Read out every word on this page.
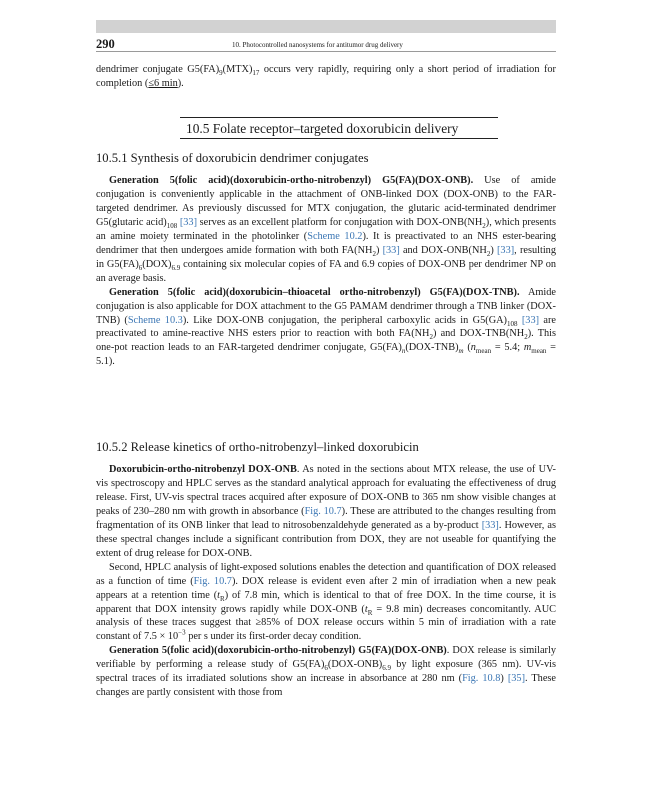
290	10. Photocontrolled nanosystems for antitumor drug delivery

dendrimer conjugate $G5(FA)_9(MTX)_{17}$ occurs very rapidly, requiring only a short period of irradiation for completion (≤6 min).

10.5 Folate receptor–targeted doxorubicin delivery
10.5.1 Synthesis of doxorubicin dendrimer conjugates

Generation 5(folic acid)(doxorubicin-ortho-nitrobenzyl) G5(FA)(DOX-ONB). Use of amide conjugation is conveniently applicable in the attachment of ONB-linked DOX (DOX-ONB) to the FAR-targeted dendrimer. As previously discussed for MTX conjugation, the glutaric acid-terminated dendrimer G5(glutaric $acid)_{108}$ [33] serves as an excellent platform for conjugation with DOX-$ONB(NH_2)$, which presents an amine moiety terminated in the photolinker (Scheme 10.2). It is preactivated to an NHS ester-bearing dendrimer that then undergoes amide formation with both $FA(NH_2)$ [33] and DOX-$ONB(NH_2)$ [33], resulting in $G5(FA)_6(DOX)_{6.9}$ containing six molecular copies of FA and 6.9 copies of DOX-ONB per dendrimer NP on an average basis.

Generation 5(folic acid)(doxorubicin–thioacetal ortho-nitrobenzyl) G5(FA)(DOX-TNB). Amide conjugation is also applicable for DOX attachment to the G5 PAMAM dendrimer through a TNB linker (DOX-TNB) (Scheme 10.3). Like DOX-ONB conjugation, the peripheral carboxylic acids in $G5(GA)_{108}$ [33] are preactivated to amine-reactive NHS esters prior to reaction with both $FA(NH_2)$ and DOX-$TNB(NH_2)$. This one-pot reaction leads to an FAR-targeted dendrimer conjugate, $G5(FA)_n(DOX-TNB)_m$ ($n_{mean} = 5.4$; $m_{mean} = 5.1$).

10.5.2 Release kinetics of ortho-nitrobenzyl–linked doxorubicin

Doxorubicin-ortho-nitrobenzyl DOX-ONB. As noted in the sections about MTX release, the use of UV-vis spectroscopy and HPLC serves as the standard analytical approach for evaluating the effectiveness of drug release. First, UV-vis spectral traces acquired after exposure of DOX-ONB to 365 nm show visible changes at peaks of 230–280 nm with growth in absorbance (Fig. 10.7). These are attributed to the changes resulting from fragmentation of its ONB linker that lead to nitrosobenzaldehyde generated as a by-product [33]. However, as these spectral changes include a significant contribution from DOX, they are not useable for quantifying the extent of drug release for DOX-ONB.

Second, HPLC analysis of light-exposed solutions enables the detection and quantification of DOX released as a function of time (Fig. 10.7). DOX release is evident even after 2 min of irradiation when a new peak appears at a retention time $(t_R)$ of 7.8 min, which is identical to that of free DOX. In the time course, it is apparent that DOX intensity grows rapidly while DOX-ONB ($t_R = 9.8$ min) decreases concomitantly. AUC analysis of these traces suggest that ≥85% of DOX release occurs within 5 min of irradiation with a rate constant of $7.5 \times 10^{-3}$ per s under its first-order decay condition.

Generation 5(folic acid)(doxorubicin-ortho-nitrobenzyl) G5(FA)(DOX-ONB). DOX release is similarly verifiable by performing a release study of $G5(FA)_6(DOX-ONB)_{6.9}$ by light exposure (365 nm). UV-vis spectral traces of its irradiated solutions show an increase in absorbance at 280 nm (Fig. 10.8) [35]. These changes are partly consistent with those from
